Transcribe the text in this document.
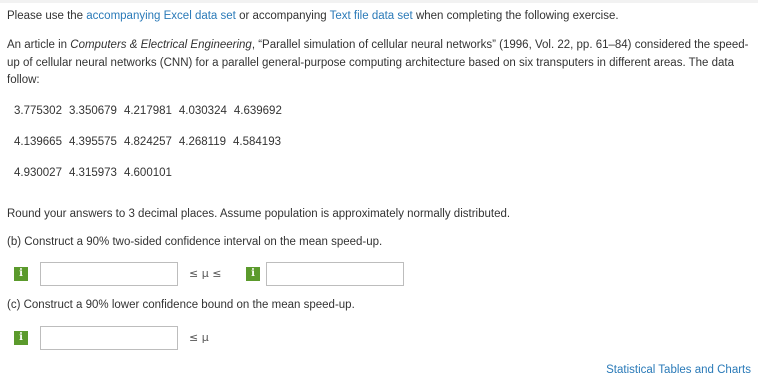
Please use the accompanying Excel data set or accompanying Text file data set when completing the following exercise.
An article in Computers & Electrical Engineering, “Parallel simulation of cellular neural networks” (1996, Vol. 22, pp. 61–84) considered the speed-up of cellular neural networks (CNN) for a parallel general-purpose computing architecture based on six transputers in different areas. The data follow:
3.775302 3.350679 4.217981 4.030324 4.639692
4.139665 4.395575 4.824257 4.268119 4.584193
4.930027 4.315973 4.600101
Round your answers to 3 decimal places. Assume population is approximately normally distributed.
(b) Construct a 90% two-sided confidence interval on the mean speed-up.
i	≤ μ ≤	i
(c) Construct a 90% lower confidence bound on the mean speed-up.
i	≤ μ
Statistical Tables and Charts
